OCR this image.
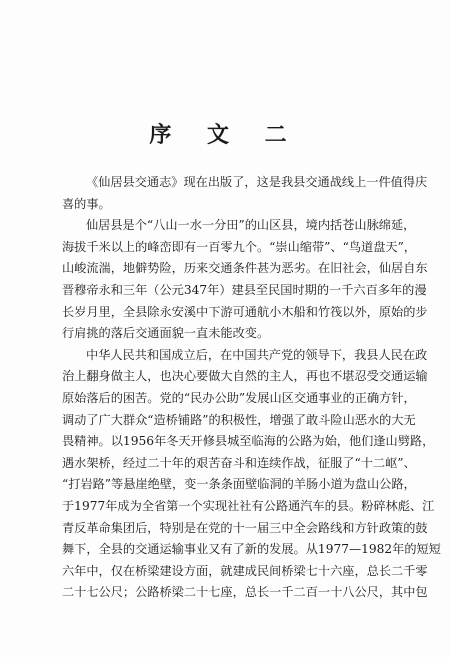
序 文 二
《仙居县交通志》现在出版了，这是我县交通战线上一件值得庆
喜的事。
仙居县是个“八山一水一分田”的山区县，境内括苍山脉绵延，
海拔千米以上的峰峦即有一百零九个。“崇山缩带”、“鸟道盘天”，
山峻流湍，地僻势险，历来交通条件甚为恶劣。在旧社会，仙居自东
晋穆帝永和三年（公元347年）建县至民国时期的一千六百多年的漫
长岁月里，全县除永安溪中下游可通航小木船和竹筏以外，原始的步
行肩挑的落后交通面貌一直未能改变。
中华人民共和国成立后，在中国共产党的领导下，我县人民在政
治上翻身做主人，也决心要做大自然的主人，再也不堪忍受交通运输
原始落后的困苦。党的“民办公助”发展山区交通事业的正确方针，
调动了广大群众“造桥铺路”的积极性，增强了敢斗险山恶水的大无
畏精神。以1956年冬天开修县城至临海的公路为始，他们逢山劈路，
遇水架桥，经过二十年的艰苦奋斗和连续作战，征服了“十二岖”、
“打岩路”等悬崖绝壁，变一条条面壁临洞的羊肠小道为盘山公路，
于1977年成为全省第一个实现社社有公路通汽车的县。粉碎林彪、江
青反革命集团后，特别是在党的十一届三中全会路线和方针政策的鼓
舞下，全县的交通运输事业又有了新的发展。从1977—1982年的短短
六年中，仅在桥梁建设方面，就建成民间桥梁七十六座，总长二千零
二十七公尺；公路桥梁二十七座，总长一千二百一十八公尺，其中包
